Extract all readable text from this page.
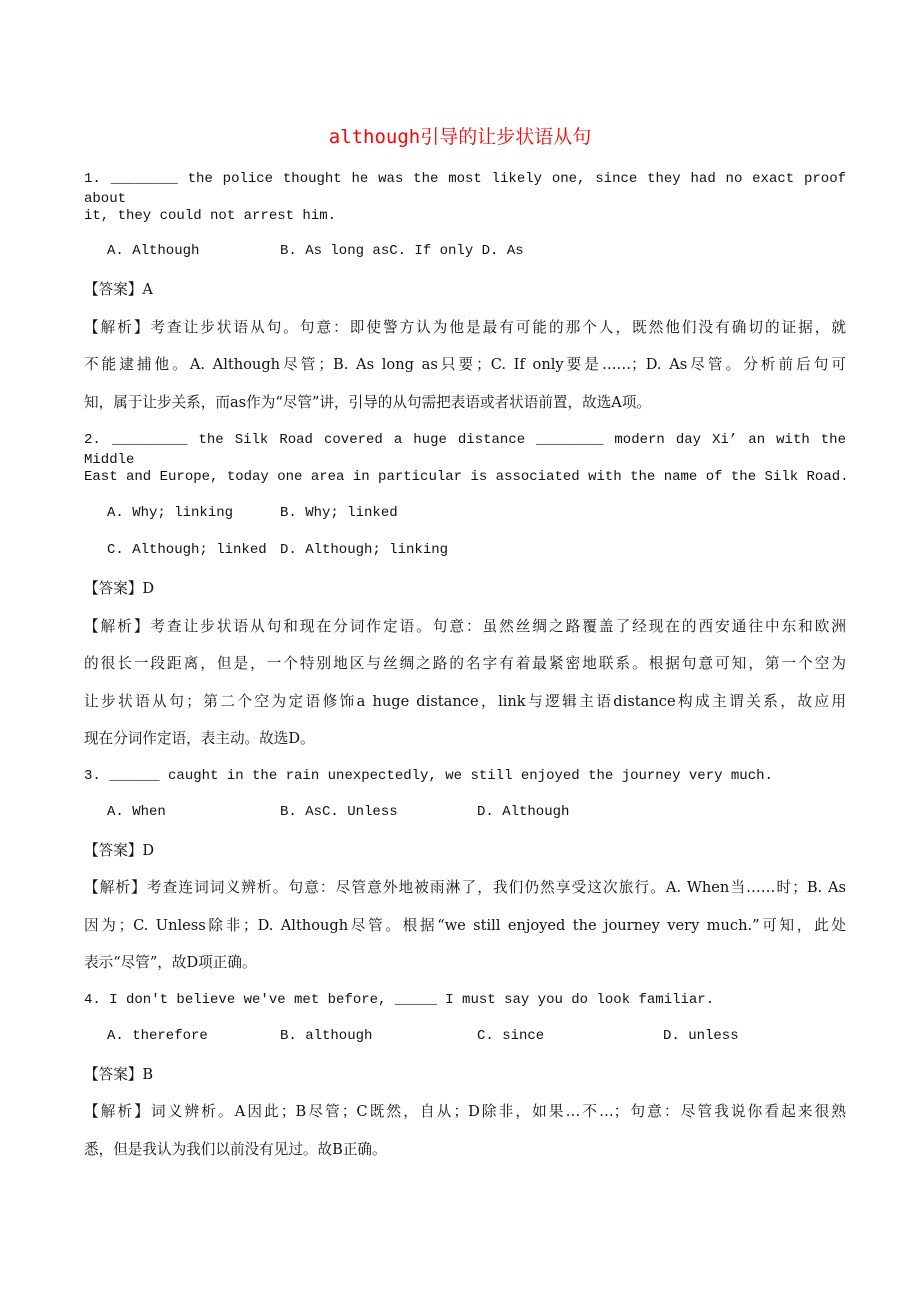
although引导的让步状语从句
1. ________ the police thought he was the most likely one, since they had no exact proof about
it, they could not arrest him.
A. Although	B. As long asC. If only D. As
【答案】A
【解析】考查让步状语从句。句意：即使警方认为他是最有可能的那个人，既然他们没有确切的证据，就
不能逮捕他。A. Although尽管；B. As long as只要；C. If only要是……；D. As尽管。分析前后句可
知，属于让步关系，而as作为“尽管”讲，引导的从句需把表语或者状语前置，故选A项。
2. _________ the Silk Road covered a huge distance ________ modern day Xi’ an with the Middle
East and Europe, today one area in particular is associated with the name of the Silk Road.
A. Why; linking	B. Why; linked
C. Although; linked D. Although; linking
【答案】D
【解析】考查让步状语从句和现在分词作定语。句意：虽然丝绸之路覆盖了经现在的西安通往中东和欧洲
的很长一段距离，但是，一个特别地区与丝绸之路的名字有着最紧密地联系。根据句意可知，第一个空为
让步状语从句；第二个空为定语修饰a huge distance，link与逻辑主语distance构成主谓关系，故应用
现在分词作定语，表主动。故选D。
3. ______ caught in the rain unexpectedly, we still enjoyed the journey very much.
A. When	B. AsC. Unless	D. Although
【答案】D
【解析】考查连词词义辨析。句意：尽管意外地被雨淋了，我们仍然享受这次旅行。A. When当……时；B. As
因为；C. Unless除非；D. Although尽管。根据“we still enjoyed the journey very much.”可知，此处
表示“尽管”，故D项正确。
4. I don't believe we've met before, _____ I must say you do look familiar.
A. therefore	B. although	C. since	D. unless
【答案】B
【解析】词义辨析。A因此；B尽管；C既然，自从；D除非，如果…不…；句意：尽管我说你看起来很熟
悉，但是我认为我们以前没有见过。故B正确。
